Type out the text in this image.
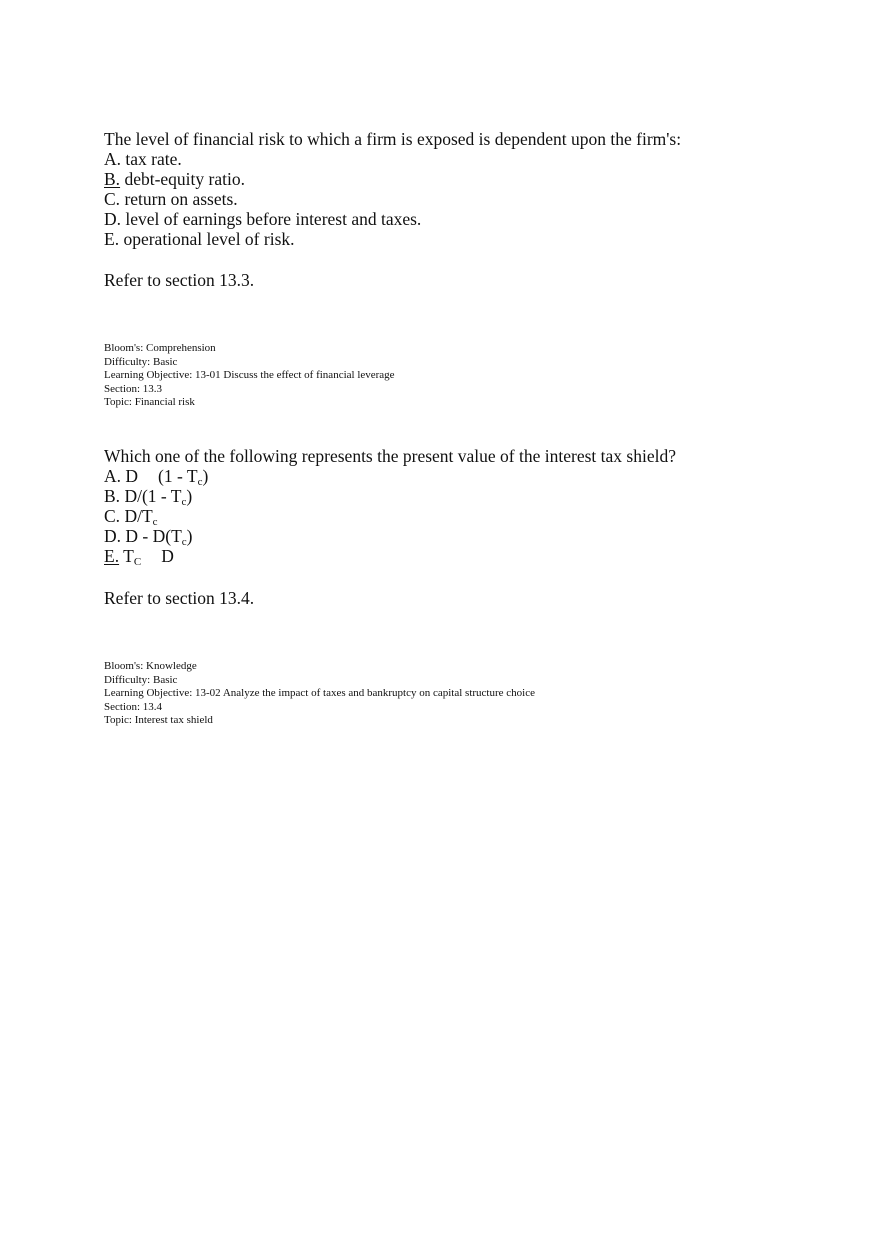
The level of financial risk to which a firm is exposed is dependent upon the firm's:
A. tax rate.
B. debt-equity ratio.
C. return on assets.
D. level of earnings before interest and taxes.
E. operational level of risk.
Refer to section 13.3.
Bloom's: Comprehension
Difficulty: Basic
Learning Objective: 13-01 Discuss the effect of financial leverage
Section: 13.3
Topic: Financial risk
Which one of the following represents the present value of the interest tax shield?
A. D $(1 - T_c)$
B. $D/(1 - T_c)$
C. $D/T_c$
D. D - $D(T_c)$
E. $T_C$ D
Refer to section 13.4.
Bloom's: Knowledge
Difficulty: Basic
Learning Objective: 13-02 Analyze the impact of taxes and bankruptcy on capital structure choice
Section: 13.4
Topic: Interest tax shield
